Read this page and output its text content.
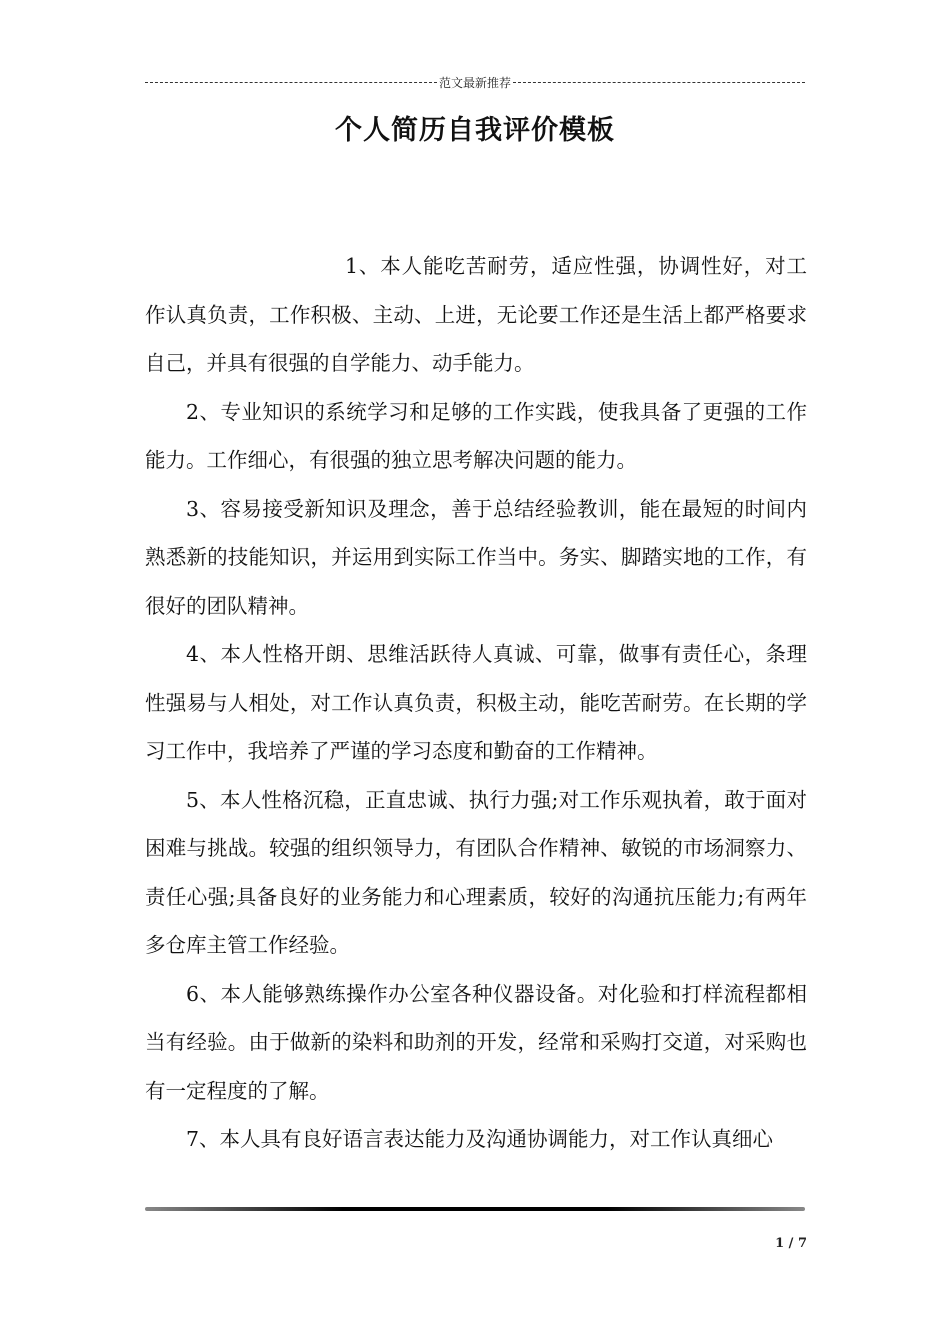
范文最新推荐
个人简历自我评价模板

1、本人能吃苦耐劳，适应性强，协调性好，对工作认真负责，工作积极、主动、上进，无论要工作还是生活上都严格要求自己，并具有很强的自学能力、动手能力。

2、专业知识的系统学习和足够的工作实践，使我具备了更强的工作能力。工作细心，有很强的独立思考解决问题的能力。

3、容易接受新知识及理念，善于总结经验教训，能在最短的时间内熟悉新的技能知识，并运用到实际工作当中。务实、脚踏实地的工作，有很好的团队精神。

4、本人性格开朗、思维活跃待人真诚、可靠，做事有责任心，条理性强易与人相处，对工作认真负责，积极主动，能吃苦耐劳。在长期的学习工作中，我培养了严谨的学习态度和勤奋的工作精神。

5、本人性格沉稳，正直忠诚、执行力强;对工作乐观执着，敢于面对困难与挑战。较强的组织领导力，有团队合作精神、敏锐的市场洞察力、责任心强;具备良好的业务能力和心理素质，较好的沟通抗压能力;有两年多仓库主管工作经验。

6、本人能够熟练操作办公室各种仪器设备。对化验和打样流程都相当有经验。由于做新的染料和助剂的开发，经常和采购打交道，对采购也有一定程度的了解。

7、本人具有良好语言表达能力及沟通协调能力，对工作认真细心

1 / 7
